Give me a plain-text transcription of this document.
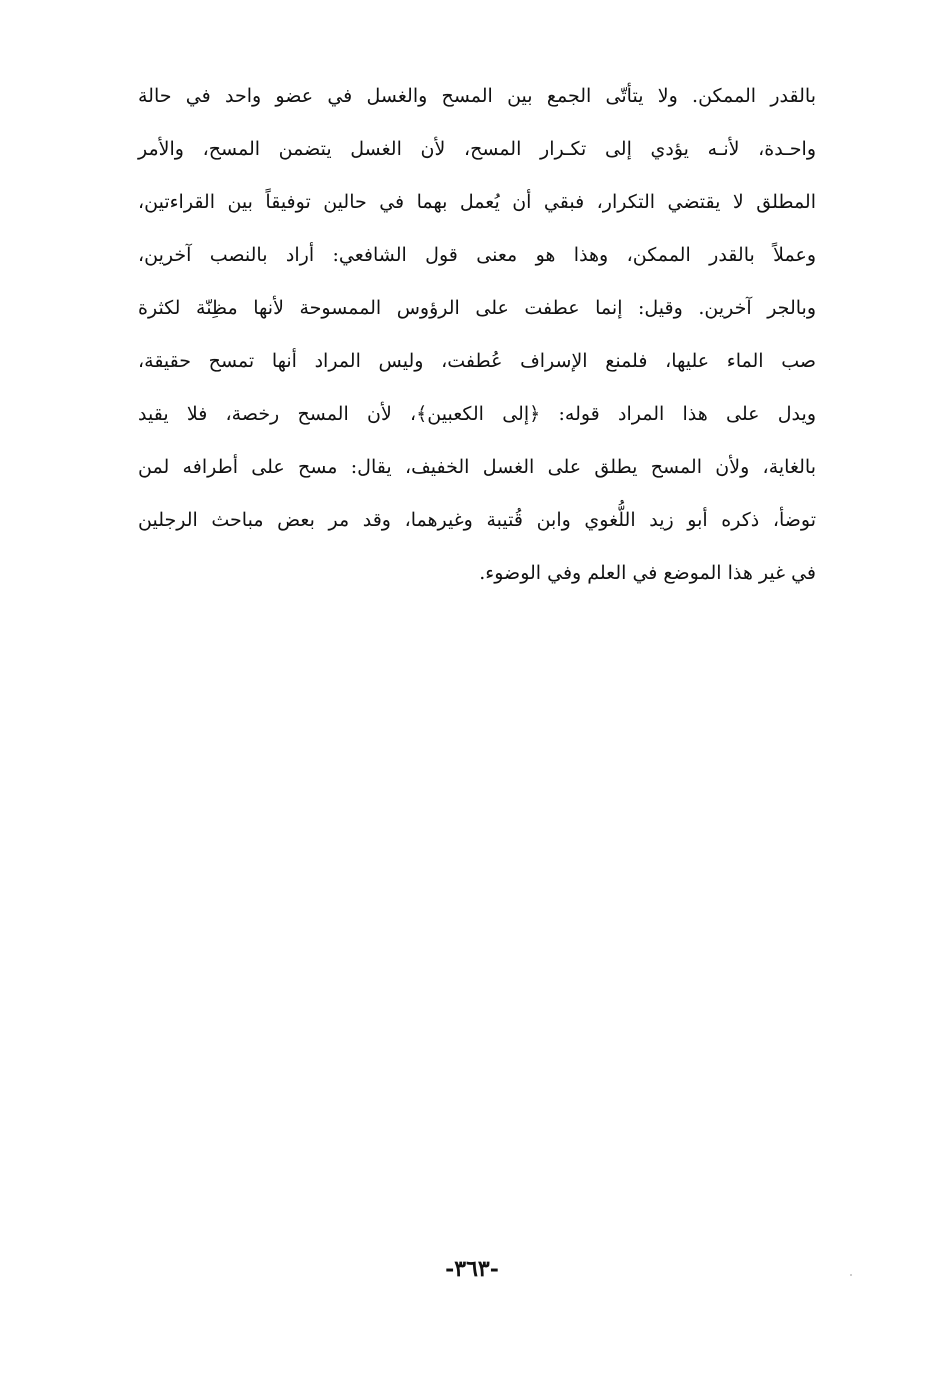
بالقدر الممكن. ولا يتأتّى الجمع بين المسح والغسل في عضو واحد في حالة
واحـدة، لأنـه يؤدي إلى تكـرار المسح، لأن الغسل يتضمن المسح، والأمر
المطلق لا يقتضي التكرار، فبقي أن يُعمل بهما في حالين توفيقاً بين القراءتين،
وعملاً بالقدر الممكن، وهذا هو معنى قول الشافعي: أراد بالنصب آخرين،
وبالجر آخرين. وقيل: إنما عطفت على الرؤوس الممسوحة لأنها مظِنّة لكثرة
صب الماء عليها، فلمنع الإسراف عُطفت، وليس المراد أنها تمسح حقيقة،
ويدل على هذا المراد قوله: ﴿إلى الكعبين﴾، لأن المسح رخصة، فلا يقيد
بالغاية، ولأن المسح يطلق على الغسل الخفيف، يقال: مسح على أطرافه لمن
توضأ، ذكره أبو زيد اللُّغوي وابن قُتيبة وغيرهما، وقد مر بعض مباحث الرجلين
في غير هذا الموضع في العلم وفي الوضوء.
-٣٦٣-
